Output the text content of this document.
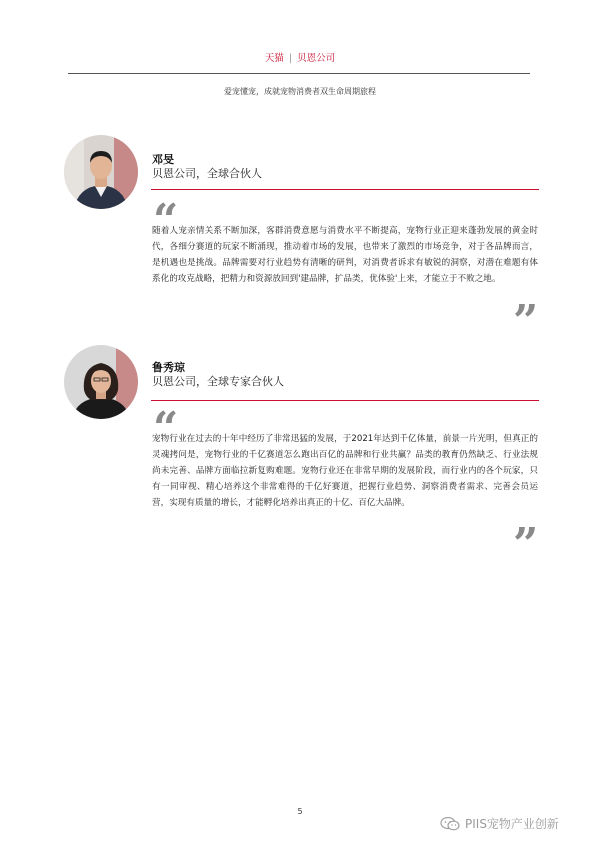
天猫 | 贝恩公司
爱宠懂宠，成就宠物消费者双生命周期旅程
邓旻
贝恩公司，全球合伙人
“
随着人宠亲情关系不断加深，客群消费意愿与消费水平不断提高，宠物行业正迎来蓬勃发展的黄金时代，各细分赛道的玩家不断涌现，推动着市场的发展，也带来了激烈的市场竞争，对于各品牌而言，是机遇也是挑战。品牌需要对行业趋势有清晰的研判，对消费者诉求有敏锐的洞察，对潜在难题有体系化的攻克战略，把精力和资源放回到'建品牌，扩品类，优体验'上来，才能立于不败之地。
”
鲁秀琼
贝恩公司，全球专家合伙人
“
宠物行业在过去的十年中经历了非常迅猛的发展，于2021年达到千亿体量，前景一片光明，但真正的灵魂拷问是，宠物行业的千亿赛道怎么跑出百亿的品牌和行业共赢？品类的教育仍然缺乏、行业法规尚未完善、品牌方面临拉新复购难题。宠物行业还在非常早期的发展阶段，而行业内的各个玩家，只有一同审视、精心培养这个非常难得的千亿好赛道，把握行业趋势、洞察消费者需求、完善会员运营，实现有质量的增长，才能孵化培养出真正的十亿、百亿大品牌。
”
5
PIIS宠物产业创新
